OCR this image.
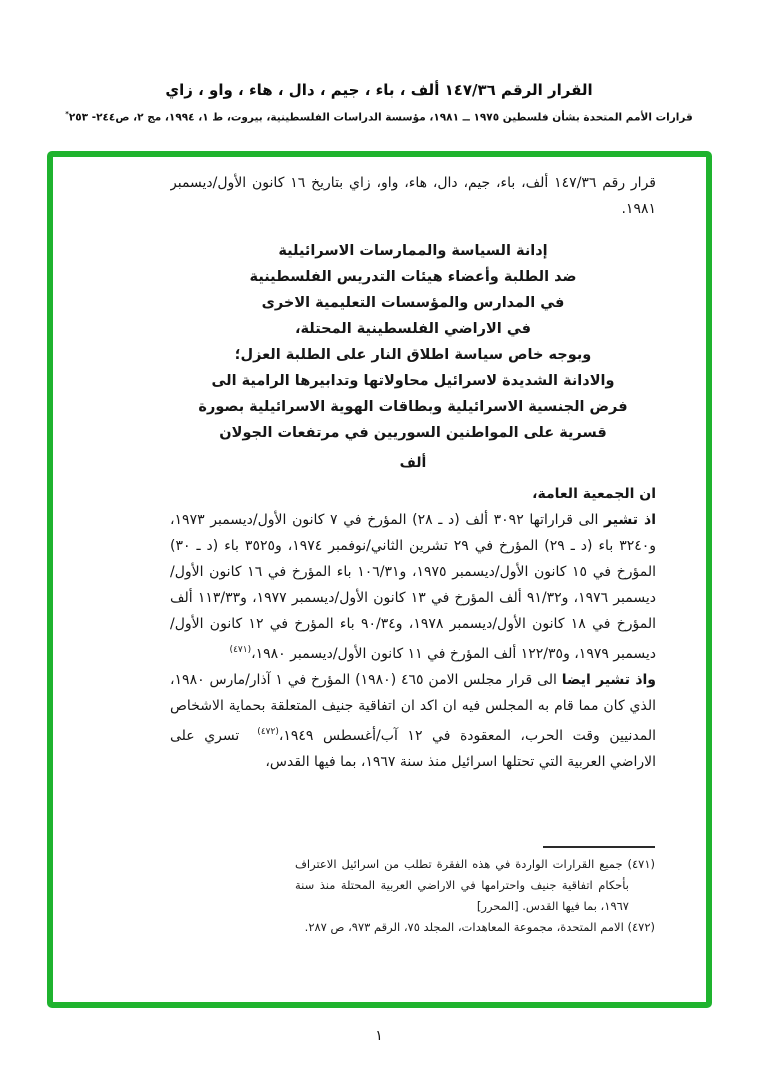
القرار الرقم ١٤٧/٣٦ ألف ، باء ، جيم ، دال ، هاء ، واو ، زاي
قرارات الأمم المتحدة بشأن فلسطين ١٩٧٥ ــ ١٩٨١، مؤسسة الدراسات الفلسطينية، بيروت، ط ١، ١٩٩٤، مج ٢، ص٢٤٤- ٢٥٣*

قرار رقم ١٤٧/٣٦ ألف، باء، جيم، دال، هاء، واو، زاي بتاريخ ١٦ كانون الأول/ديسمبر ١٩٨١.

إدانة السياسة والممارسات الاسرائيلية
ضد الطلبة وأعضاء هيئات التدريس الفلسطينية
في المدارس والمؤسسات التعليمية الاخرى
في الاراضي الفلسطينية المحتلة،
وبوجه خاص سياسة اطلاق النار على الطلبة العزل؛
والادانة الشديدة لاسرائيل محاولاتها وتدابيرها الرامية الى
فرض الجنسية الاسرائيلية وبطاقات الهوية الاسرائيلية بصورة
قسرية على المواطنين السوريين في مرتفعات الجولان
ألف
ان الجمعية العامة،

اذ تشير الى قراراتها ٣٠٩٢ ألف (د ـ ٢٨) المؤرخ في ٧ كانون الأول/ديسمبر ١٩٧٣، و٣٢٤٠ باء (د ـ ٢٩) المؤرخ في ٢٩ تشرين الثاني/نوفمبر ١٩٧٤، و٣٥٢٥ باء (د ـ ٣٠) المؤرخ في ١٥ كانون الأول/ديسمبر ١٩٧٥، و١٠٦/٣١ باء المؤرخ في ١٦ كانون الأول/ديسمبر ١٩٧٦، و٩١/٣٢ ألف المؤرخ في ١٣ كانون الأول/ديسمبر ١٩٧٧، و١١٣/٣٣ ألف المؤرخ في ١٨ كانون الأول/ديسمبر ١٩٧٨، و٩٠/٣٤ باء المؤرخ في ١٢ كانون الأول/ديسمبر ١٩٧٩، و١٢٢/٣٥ ألف المؤرخ في ١١ كانون الأول/ديسمبر ١٩٨٠،$^{(٤٧١)}$

واذ تشير ايضا الى قرار مجلس الامن ٤٦٥ (١٩٨٠) المؤرخ في ١ آذار/مارس ١٩٨٠، الذي كان مما قام به المجلس فيه ان اكد ان اتفاقية جنيف المتعلقة بحماية الاشخاص المدنيين وقت الحرب، المعقودة في ١٢ آب/أغسطس ١٩٤٩،$^{(٤٧٢)}$تسري على الاراضي العربية التي تحتلها اسرائيل منذ سنة ١٩٦٧، بما فيها القدس،

(٤٧١) جميع القرارات الواردة في هذه الفقرة تطلب من اسرائيل الاعتراف بأحكام اتفاقية جنيف واحترامها في الاراضي العربية المحتلة منذ سنة ١٩٦٧، بما فيها القدس. [المحرر]

(٤٧٢) الامم المتحدة، مجموعة المعاهدات، المجلد ٧٥، الرقم ٩٧٣، ص ٢٨٧.

١
